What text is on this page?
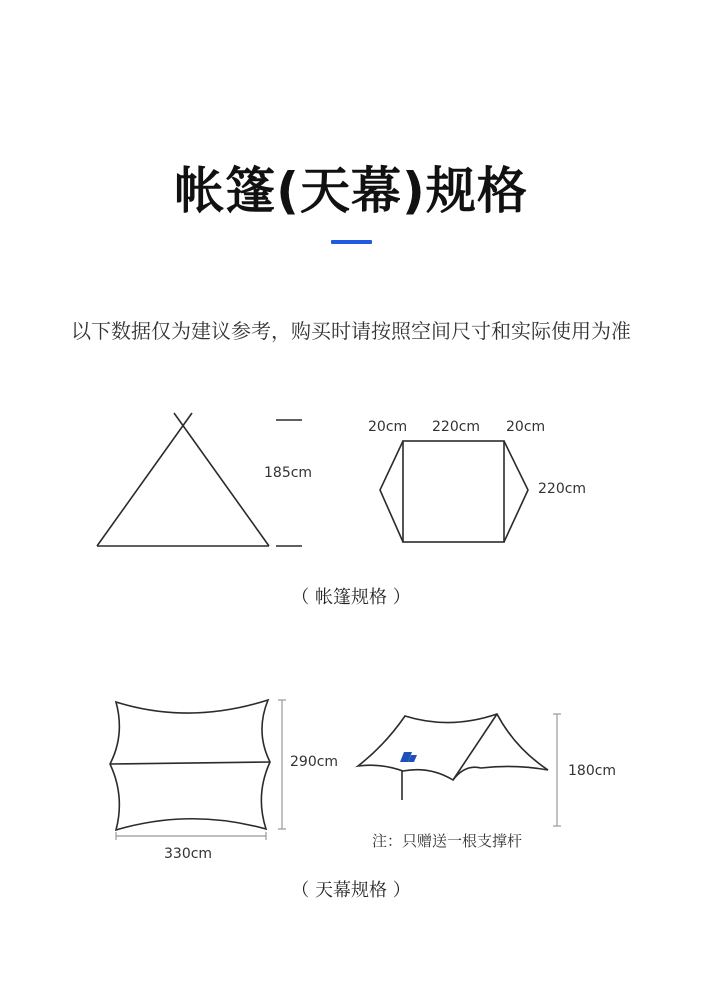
帐篷(天幕)规格
以下数据仅为建议参考，购买时请按照空间尺寸和实际使用为准
185cm
20cm 220cm 20cm
220cm
（ 帐篷规格 ）
290cm
330cm
180cm
注：只赠送一根支撑杆
（ 天幕规格 ）
